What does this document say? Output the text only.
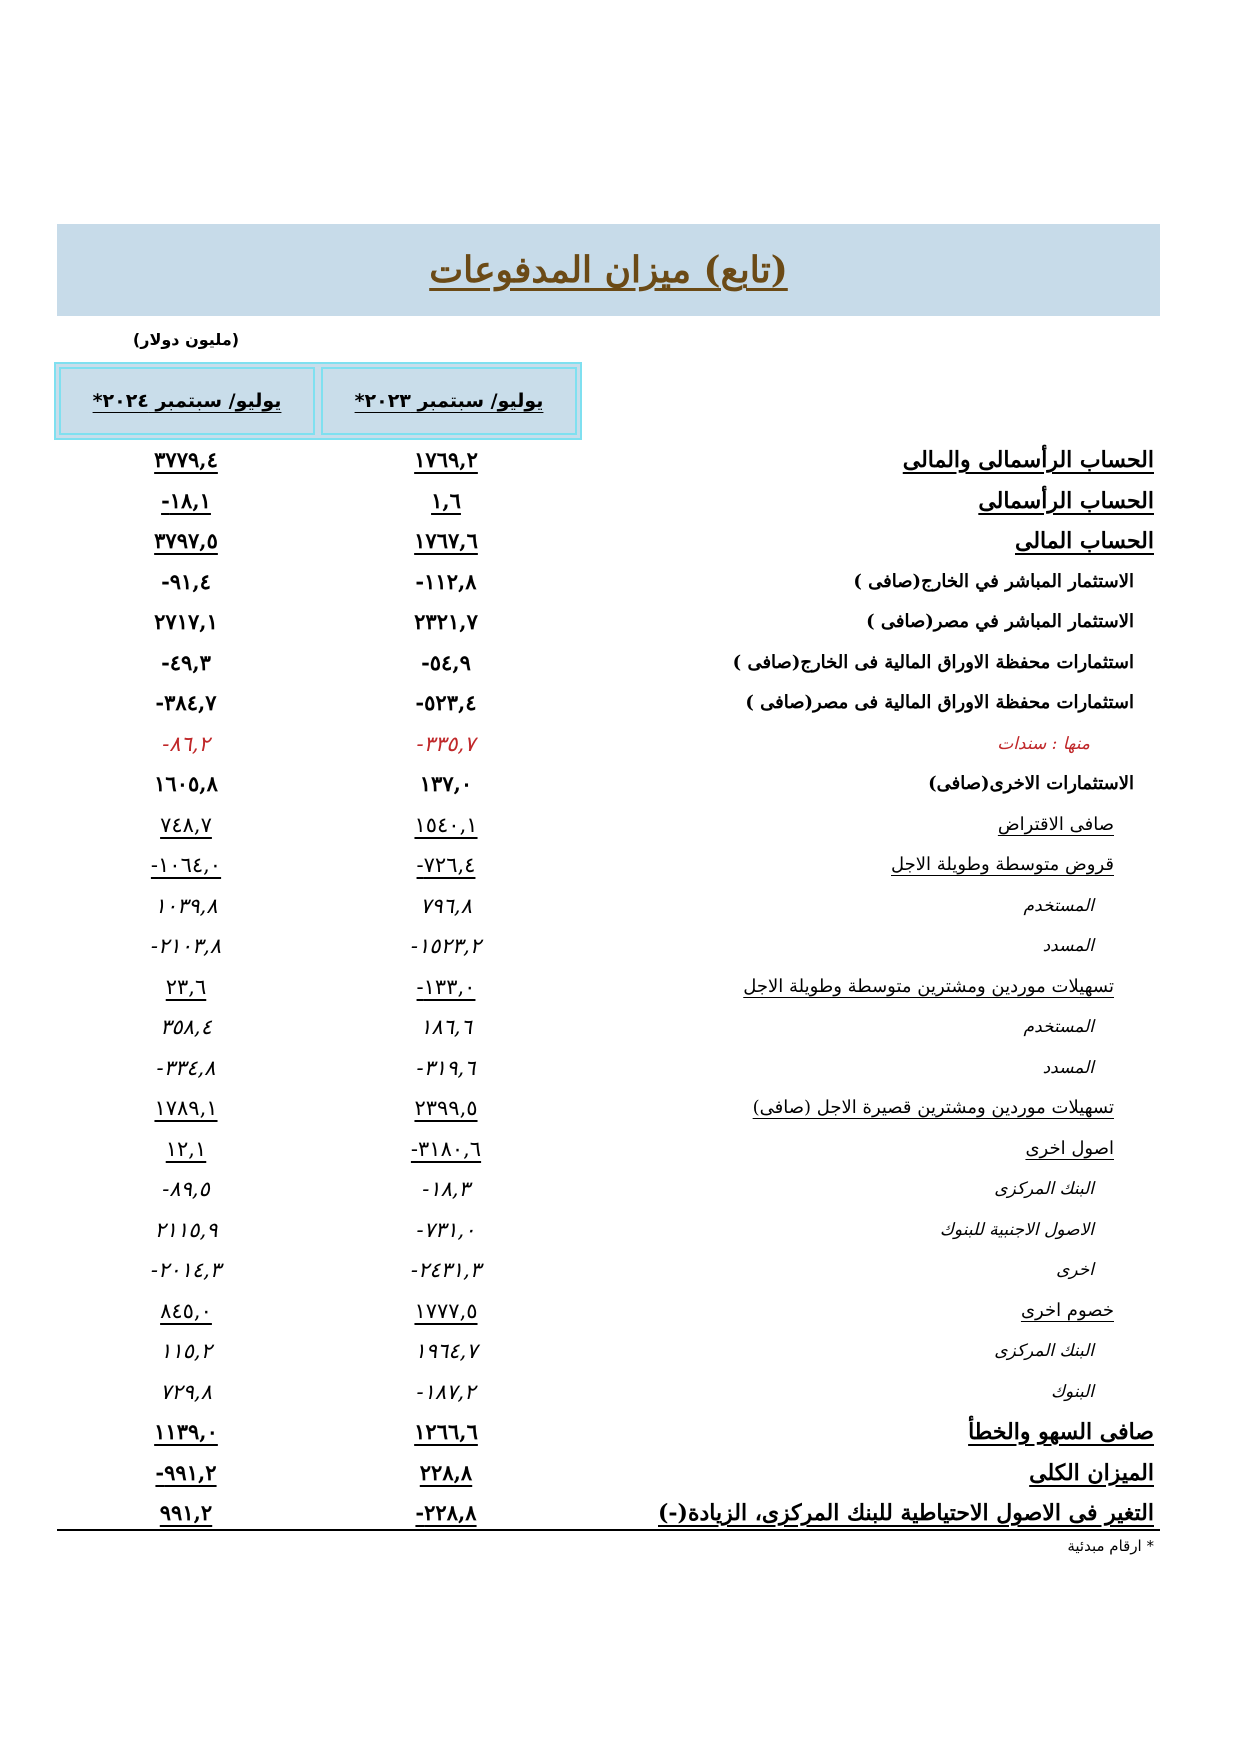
(تابع) ميزان المدفوعات
(مليون دولار)
يوليو/ سبتمبر ٢٠٢٤*	يوليو/ سبتمبر ٢٠٢٣*
الحساب الرأسمالى والمالى
١٧٦٩,٢
٣٧٧٩,٤
الحساب الرأسمالى
١,٦
١٨,١-
الحساب المالى
١٧٦٧,٦
٣٧٩٧,٥
الاستثمار المباشر في الخارج(صافى )
١١٢,٨-
٩١,٤-
الاستثمار المباشر في مصر(صافى )
٢٣٢١,٧
٢٧١٧,١
استثمارات محفظة الاوراق المالية فى الخارج(صافى )
٥٤,٩-
٤٩,٣-
استثمارات محفظة الاوراق المالية فى مصر(صافى )
٥٢٣,٤-
٣٨٤,٧-
منها : سندات
٣٣٥,٧-
٨٦,٢-
الاستثمارات الاخرى(صافى)
١٣٧,٠
١٦٠٥,٨
صافى الاقتراض
١٥٤٠,١
٧٤٨,٧
قروض متوسطة وطويلة الاجل
٧٢٦,٤-
١٠٦٤,٠-
المستخدم
٧٩٦,٨
١٠٣٩,٨
المسدد
١٥٢٣,٢-
٢١٠٣,٨-
تسهيلات موردين ومشترين متوسطة وطويلة الاجل
١٣٣,٠-
٢٣,٦
المستخدم
١٨٦,٦
٣٥٨,٤
المسدد
٣١٩,٦-
٣٣٤,٨-
تسهيلات موردين ومشترين قصيرة الاجل (صافى)
٢٣٩٩,٥
١٧٨٩,١
اصول اخرى
٣١٨٠,٦-
١٢,١
البنك المركزى
١٨,٣-
٨٩,٥-
الاصول الاجنبية للبنوك
٧٣١,٠-
٢١١٥,٩
اخرى
٢٤٣١,٣-
٢٠١٤,٣-
خصوم اخرى
١٧٧٧,٥
٨٤٥,٠
البنك المركزى
١٩٦٤,٧
١١٥,٢
البنوك
١٨٧,٢-
٧٢٩,٨
صافى السهو والخطأ
١٢٦٦,٦
١١٣٩,٠
الميزان الكلى
٢٢٨,٨
٩٩١,٢-
التغير فى الاصول الاحتياطية للبنك المركزى، الزيادة(-)
٢٢٨,٨-
٩٩١,٢
* ارقام مبدئية
